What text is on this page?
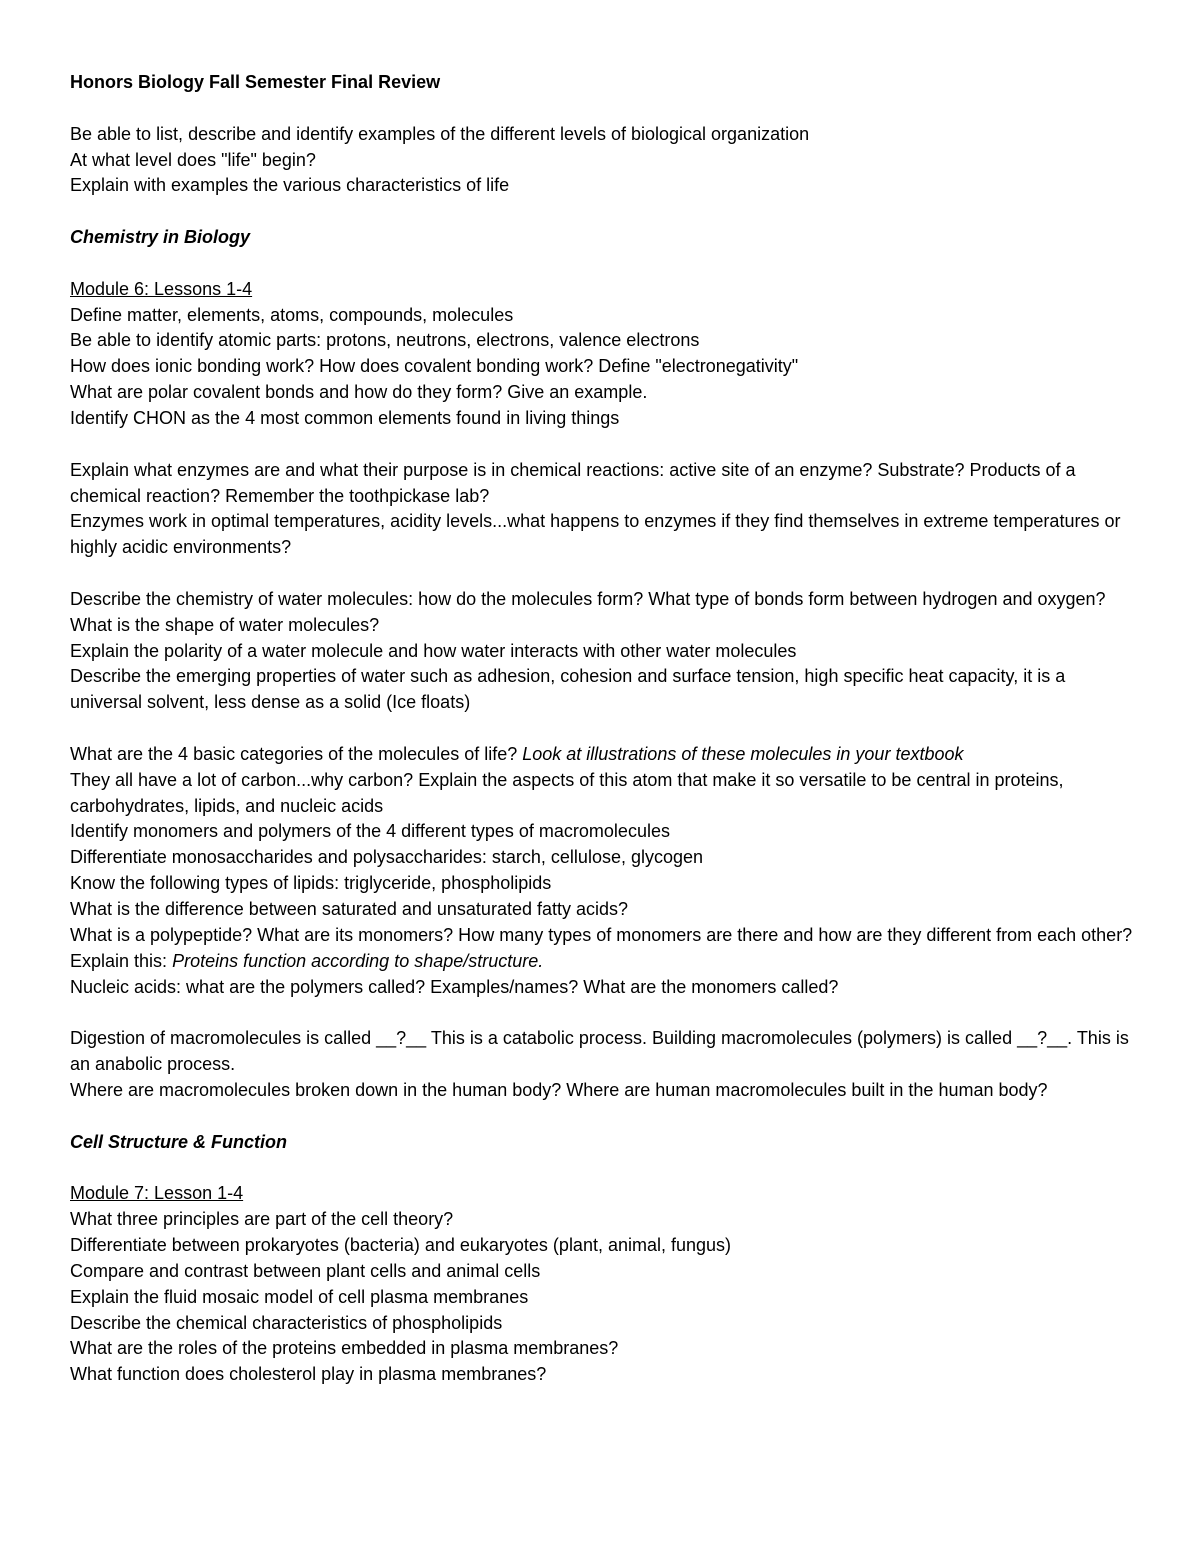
Honors Biology Fall Semester Final Review

Be able to list, describe and identify examples of the different levels of biological organization

At what level does "life" begin?

Explain with examples the various characteristics of life

Chemistry in Biology

Module 6: Lessons 1-4

Define matter, elements, atoms, compounds, molecules

Be able to identify atomic parts: protons, neutrons, electrons, valence electrons

How does ionic bonding work? How does covalent bonding work? Define "electronegativity"

What are polar covalent bonds and how do they form? Give an example.

Identify CHON as the 4 most common elements found in living things

Explain what enzymes are and what their purpose is in chemical reactions: active site of an enzyme? Substrate? Products of a chemical reaction? Remember the toothpickase lab?

Enzymes work in optimal temperatures, acidity levels...what happens to enzymes if they find themselves in extreme temperatures or highly acidic environments?

Describe the chemistry of water molecules: how do the molecules form? What type of bonds form between hydrogen and oxygen? What is the shape of water molecules?

Explain the polarity of a water molecule and how water interacts with other water molecules

Describe the emerging properties of water such as adhesion, cohesion and surface tension, high specific heat capacity, it is a universal solvent, less dense as a solid (Ice floats)

What are the 4 basic categories of the molecules of life? Look at illustrations of these molecules in your textbook

They all have a lot of carbon...why carbon? Explain the aspects of this atom that make it so versatile to be central in proteins, carbohydrates, lipids, and nucleic acids

Identify monomers and polymers of the 4 different types of macromolecules

Differentiate monosaccharides and polysaccharides: starch, cellulose, glycogen

Know the following types of lipids: triglyceride, phospholipids

What is the difference between saturated and unsaturated fatty acids?

What is a polypeptide? What are its monomers? How many types of monomers are there and how are they different from each other?

Explain this: Proteins function according to shape/structure.

Nucleic acids: what are the polymers called? Examples/names? What are the monomers called?

Digestion of macromolecules is called __?__ This is a catabolic process. Building macromolecules (polymers) is called __?__. This is an anabolic process.

Where are macromolecules broken down in the human body? Where are human macromolecules built in the human body?

Cell Structure & Function

Module 7: Lesson 1-4

What three principles are part of the cell theory?

Differentiate between prokaryotes (bacteria) and eukaryotes (plant, animal, fungus)

Compare and contrast between plant cells and animal cells

Explain the fluid mosaic model of cell plasma membranes

Describe the chemical characteristics of phospholipids

What are the roles of the proteins embedded in plasma membranes?

What function does cholesterol play in plasma membranes?
